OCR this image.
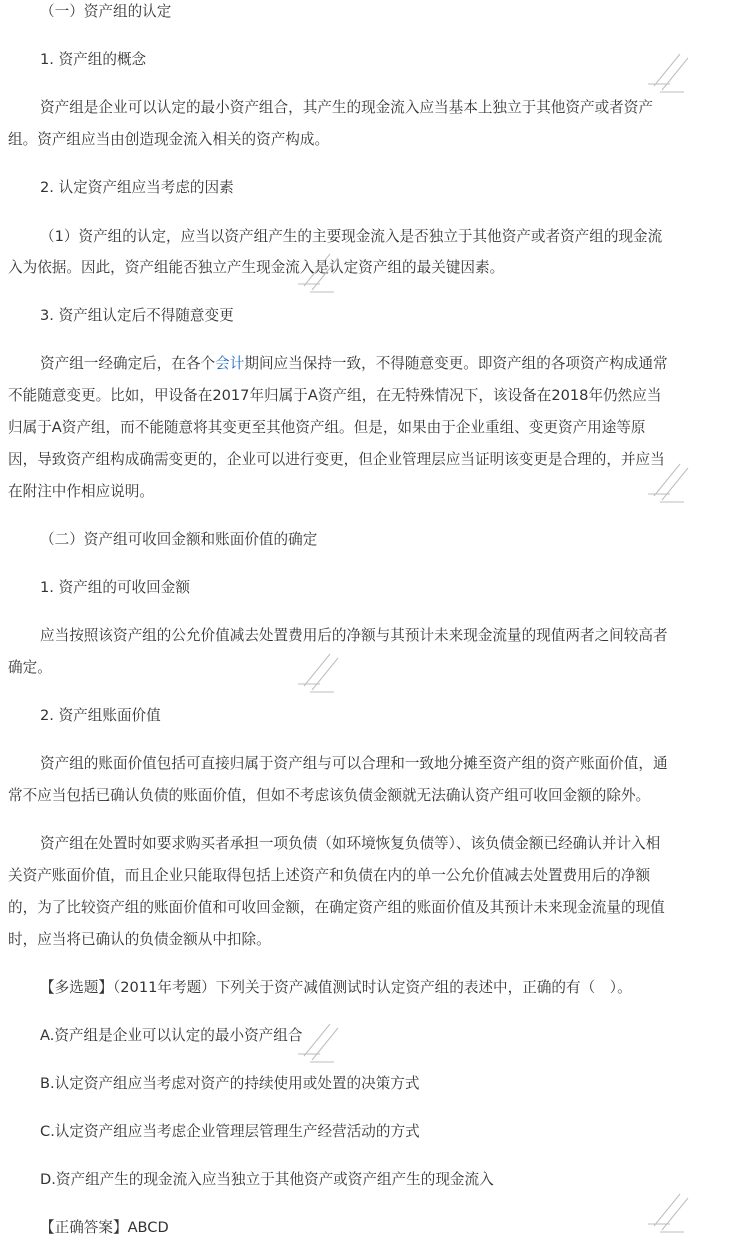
（一）资产组的认定
1. 资产组的概念
资产组是企业可以认定的最小资产组合，其产生的现金流入应当基本上独立于其他资产或者资产
组。资产组应当由创造现金流入相关的资产构成。
2. 认定资产组应当考虑的因素
（1）资产组的认定，应当以资产组产生的主要现金流入是否独立于其他资产或者资产组的现金流
入为依据。因此，资产组能否独立产生现金流入是认定资产组的最关键因素。
3. 资产组认定后不得随意变更
资产组一经确定后，在各个会计期间应当保持一致，不得随意变更。即资产组的各项资产构成通常
不能随意变更。比如，甲设备在2017年归属于A资产组，在无特殊情况下，该设备在2018年仍然应当
归属于A资产组，而不能随意将其变更至其他资产组。但是，如果由于企业重组、变更资产用途等原
因，导致资产组构成确需变更的，企业可以进行变更，但企业管理层应当证明该变更是合理的，并应当
在附注中作相应说明。
（二）资产组可收回金额和账面价值的确定
1. 资产组的可收回金额
应当按照该资产组的公允价值减去处置费用后的净额与其预计未来现金流量的现值两者之间较高者
确定。
2. 资产组账面价值
资产组的账面价值包括可直接归属于资产组与可以合理和一致地分摊至资产组的资产账面价值，通
常不应当包括已确认负债的账面价值，但如不考虑该负债金额就无法确认资产组可收回金额的除外。
资产组在处置时如要求购买者承担一项负债（如环境恢复负债等）、该负债金额已经确认并计入相
关资产账面价值，而且企业只能取得包括上述资产和负债在内的单一公允价值减去处置费用后的净额
的，为了比较资产组的账面价值和可收回金额，在确定资产组的账面价值及其预计未来现金流量的现值
时，应当将已确认的负债金额从中扣除。
【多选题】（2011年考题）下列关于资产减值测试时认定资产组的表述中，正确的有（　）。
A.资产组是企业可以认定的最小资产组合
B.认定资产组应当考虑对资产的持续使用或处置的决策方式
C.认定资产组应当考虑企业管理层管理生产经营活动的方式
D.资产组产生的现金流入应当独立于其他资产或资产组产生的现金流入
【正确答案】ABCD
